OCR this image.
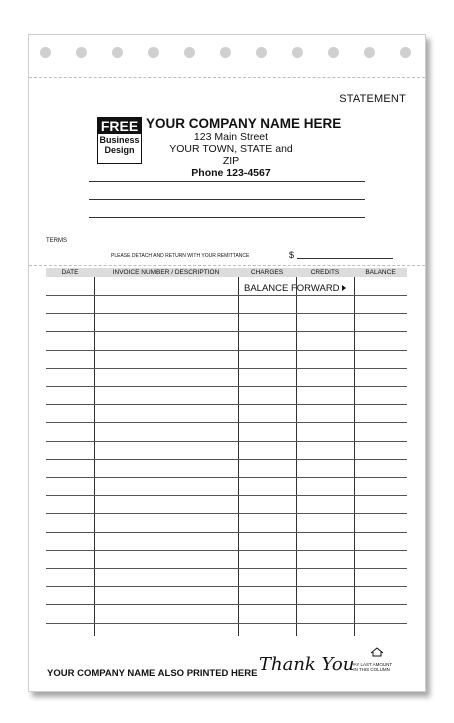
STATEMENT
FREE
Business
Design
YOUR COMPANY NAME HERE
123 Main Street
YOUR TOWN, STATE and ZIP
Phone 123-4567
TERMS
PLEASE DETACH AND RETURN WITH YOUR REMITTANCE	$
DATE	INVOICE NUMBER / DESCRIPTION	CHARGES	CREDITS	BALANCE
BALANCE FORWARD
YOUR COMPANY NAME ALSO PRINTED HERE Thank You
PAY LAST AMOUNT
IN THIS COLUMN
